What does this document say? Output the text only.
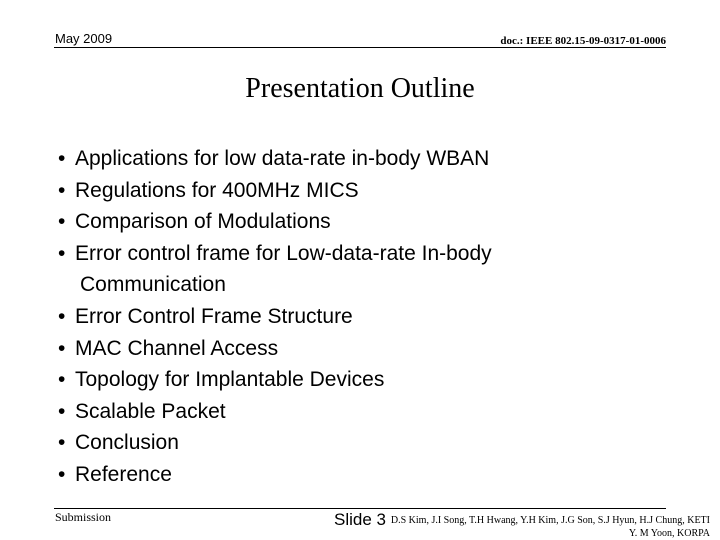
May 2009	doc.: IEEE 802.15-09-0317-01-0006
Presentation Outline
• Applications for low data-rate in-body WBAN
• Regulations for 400MHz MICS
• Comparison of Modulations
• Error control frame for Low-data-rate In-body
Communication
• Error Control Frame Structure
• MAC Channel Access
• Topology for Implantable Devices
• Scalable Packet
• Conclusion
• Reference
Submission	Slide 3 D.S Kim, J.I Song, T.H Hwang, Y.H Kim, J.G Son, S.J Hyun, H.J Chung, KETI
Y. M Yoon, KORPA
